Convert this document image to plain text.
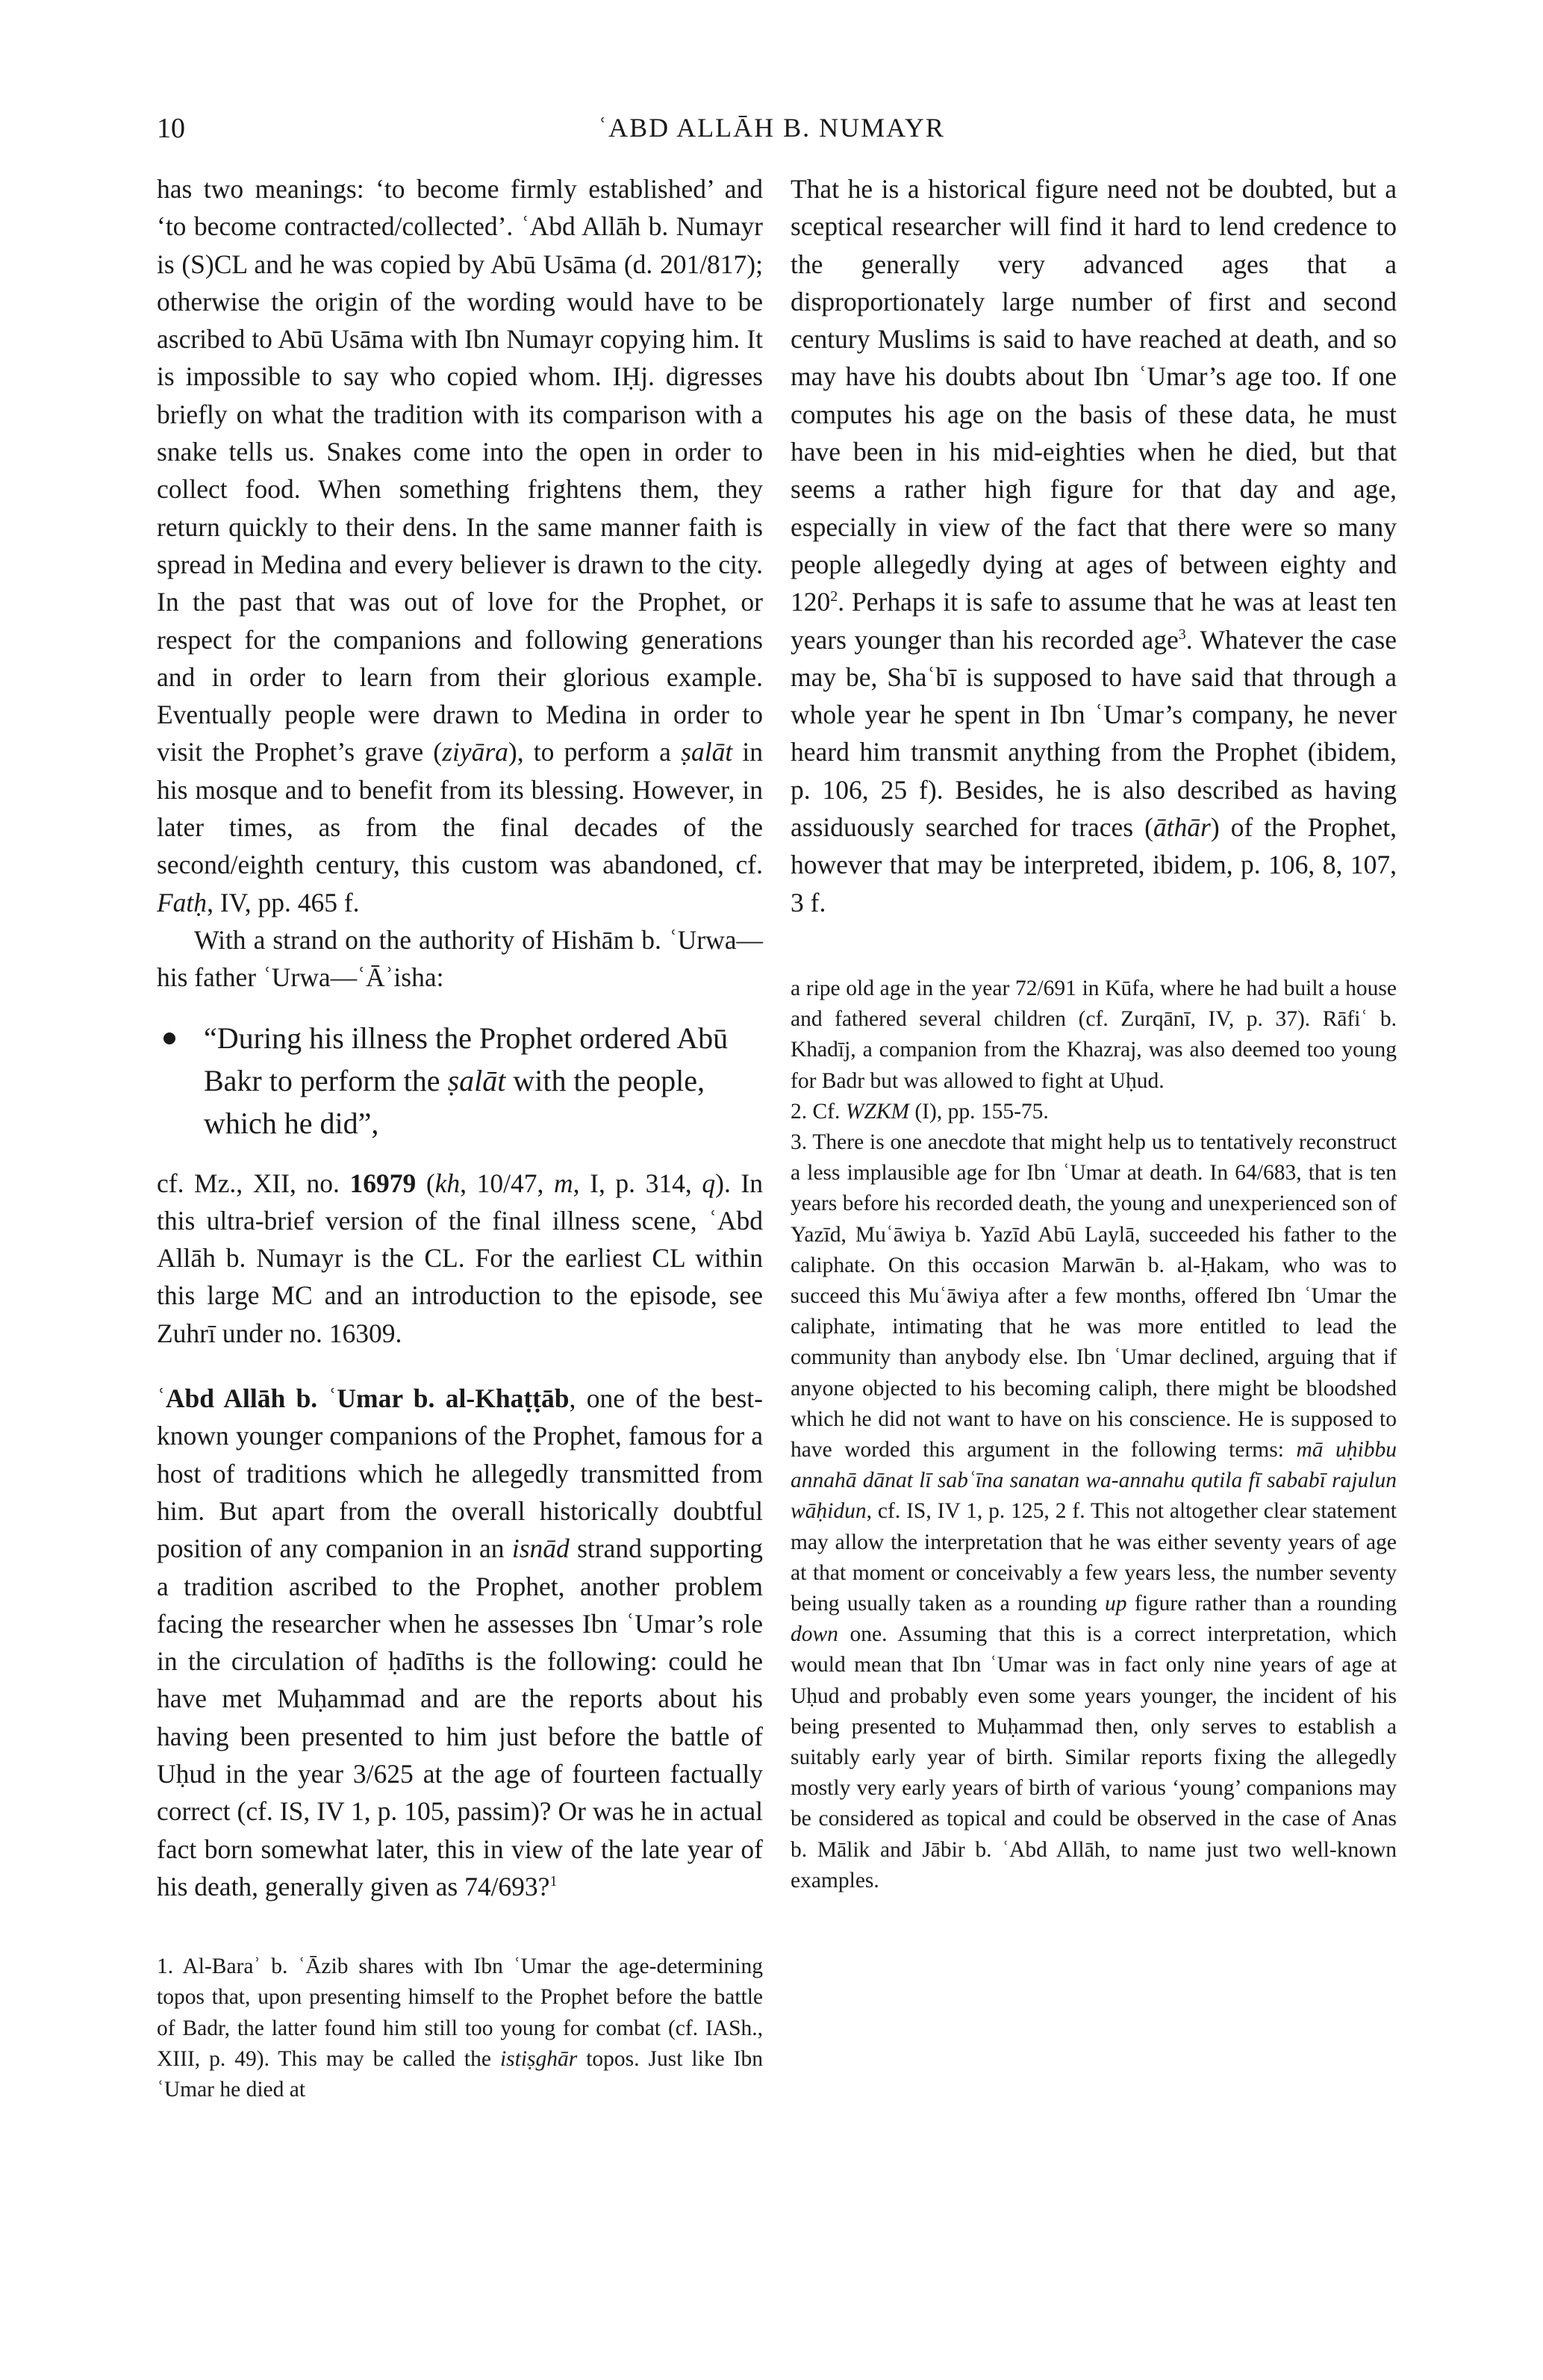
10	ʿABD ALLĀH B. NUMAYR

has two meanings: ‘to become firmly established’ and ‘to become contracted/collected’. ʿAbd Allāh b. Numayr is (S)CL and he was copied by Abū Usāma (d. 201/817); otherwise the origin of the wording would have to be ascribed to Abū Usāma with Ibn Numayr copying him. It is impossible to say who copied whom. IḤj. digresses briefly on what the tradition with its comparison with a snake tells us. Snakes come into the open in order to collect food. When something frightens them, they return quickly to their dens. In the same manner faith is spread in Medina and every believer is drawn to the city. In the past that was out of love for the Prophet, or respect for the companions and following generations and in order to learn from their glorious example. Eventually people were drawn to Medina in order to visit the Prophet’s grave (ziyāra), to perform a ṣalāt in his mosque and to benefit from its blessing. However, in later times, as from the final decades of the second/eighth century, this custom was abandoned, cf. Fatḥ, IV, pp. 465 f.

With a strand on the authority of Hishām b. ʿUrwa—his father ʿUrwa—ʿĀʾisha:

“During his illness the Prophet ordered Abū Bakr to perform the ṣalāt with the people, which he did”,

cf. Mz., XII, no. 16979 (kh, 10/47, m, I, p. 314, q). In this ultra-brief version of the final illness scene, ʿAbd Allāh b. Numayr is the CL. For the earliest CL within this large MC and an introduction to the episode, see Zuhrī under no. 16309.

ʿAbd Allāh b. ʿUmar b. al-Khaṭṭāb, one of the best-known younger companions of the Prophet, famous for a host of traditions which he allegedly transmitted from him. But apart from the overall historically doubtful position of any companion in an isnād strand supporting a tradition ascribed to the Prophet, another problem facing the researcher when he assesses Ibn ʿUmar’s role in the circulation of ḥadīths is the following: could he have met Muḥammad and are the reports about his having been presented to him just before the battle of Uḥud in the year 3/625 at the age of fourteen factually correct (cf. IS, IV 1, p. 105, passim)? Or was he in actual fact born somewhat later, this in view of the late year of his death, generally given as 74/693?$^1$

1. Al-Baraʾ b. ʿĀzib shares with Ibn ʿUmar the age-determining topos that, upon presenting himself to the Prophet before the battle of Badr, the latter found him still too young for combat (cf. IASh., XIII, p. 49). This may be called the istiṣghār topos. Just like Ibn ʿUmar he died at

That he is a historical figure need not be doubted, but a sceptical researcher will find it hard to lend credence to the generally very advanced ages that a disproportionately large number of first and second century Muslims is said to have reached at death, and so may have his doubts about Ibn ʿUmar’s age too. If one computes his age on the basis of these data, he must have been in his mid-eighties when he died, but that seems a rather high figure for that day and age, especially in view of the fact that there were so many people allegedly dying at ages of between eighty and $120^2$. Perhaps it is safe to assume that he was at least ten years younger than his recorded age$^3$. Whatever the case may be, Shaʿbī is supposed to have said that through a whole year he spent in Ibn ʿUmar’s company, he never heard him transmit anything from the Prophet (ibidem, p. 106, 25 f). Besides, he is also described as having assiduously searched for traces (āthār) of the Prophet, however that may be interpreted, ibidem, p. 106, 8, 107, 3 f.

a ripe old age in the year 72/691 in Kūfa, where he had built a house and fathered several children (cf. Zurqānī, IV, p. 37). Rāfiʿ b. Khadīj, a companion from the Khazraj, was also deemed too young for Badr but was allowed to fight at Uḥud.

2. Cf. WZKM (I), pp. 155-75.

3. There is one anecdote that might help us to tentatively reconstruct a less implausible age for Ibn ʿUmar at death. In 64/683, that is ten years before his recorded death, the young and unexperienced son of Yazīd, Muʿāwiya b. Yazīd Abū Laylā, succeeded his father to the caliphate. On this occasion Marwān b. al-Ḥakam, who was to succeed this Muʿāwiya after a few months, offered Ibn ʿUmar the caliphate, intimating that he was more entitled to lead the community than anybody else. Ibn ʿUmar declined, arguing that if anyone objected to his becoming caliph, there might be bloodshed which he did not want to have on his conscience. He is supposed to have worded this argument in the following terms: mā uḥibbu annahā dānat lī sabʿīna sanatan wa-annahu qutila fī sababī rajulun wāḥidun, cf. IS, IV 1, p. 125, 2 f. This not altogether clear statement may allow the interpretation that he was either seventy years of age at that moment or conceivably a few years less, the number seventy being usually taken as a rounding up figure rather than a rounding down one. Assuming that this is a correct interpretation, which would mean that Ibn ʿUmar was in fact only nine years of age at Uḥud and probably even some years younger, the incident of his being presented to Muḥammad then, only serves to establish a suitably early year of birth. Similar reports fixing the allegedly mostly very early years of birth of various ‘young’ companions may be considered as topical and could be observed in the case of Anas b. Mālik and Jābir b. ʿAbd Allāh, to name just two well-known examples.
